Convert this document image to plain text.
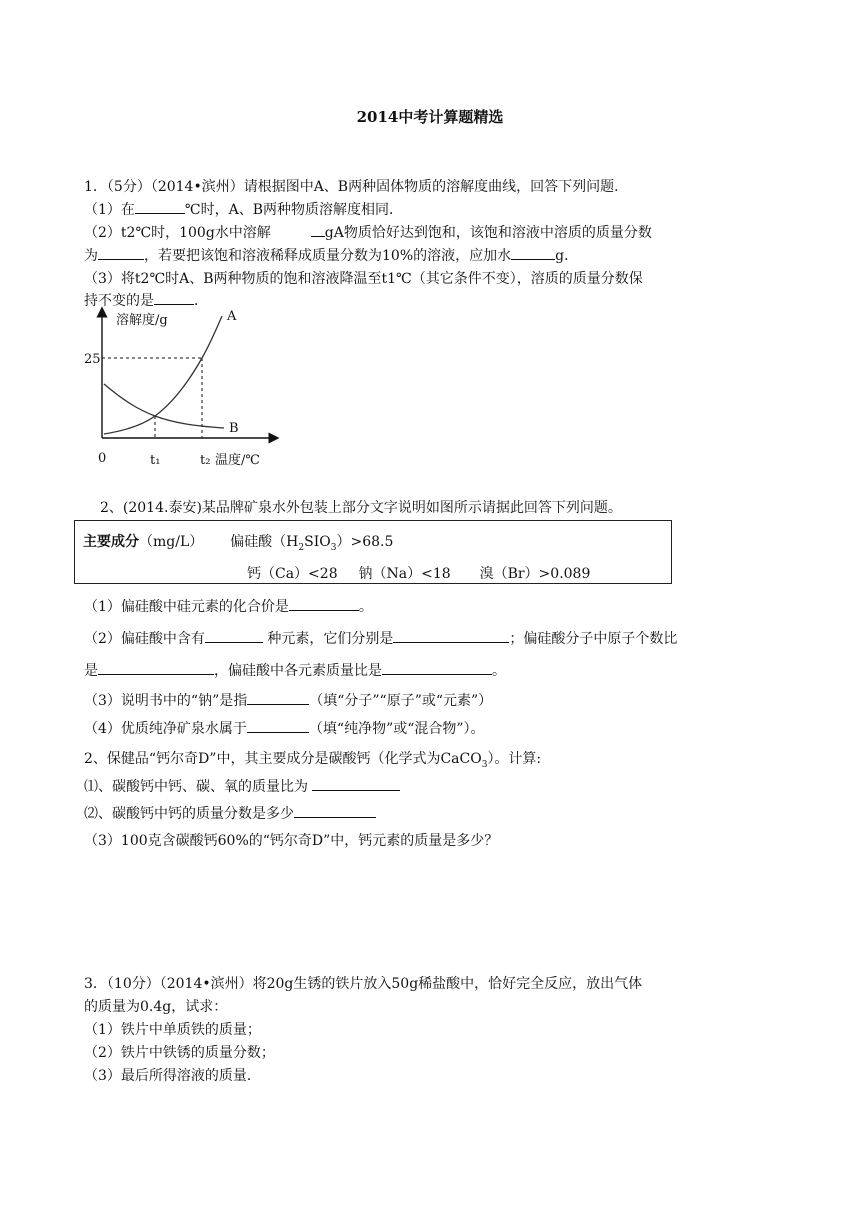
2014中考计算题精选
1．（5分）（2014•滨州）请根据图中A、B两种固体物质的溶解度曲线，回答下列问题．
（1）在	℃时，A、B两种物质溶解度相同．
（2）t2℃时，100g水中溶解	gA物质恰好达到饱和，该饱和溶液中溶质的质量分数
为	，若要把该饱和溶液稀释成质量分数为10%的溶液，应加水	g．
（3）将t2℃时A、B两种物质的饱和溶液降温至t1℃（其它条件不变），溶质的质量分数保
持不变的是	．
溶解度/g	A
B
25
0	t₁	t₂ 温度/℃
2、(2014.泰安)某品牌矿泉水外包装上部分文字说明如图所示请据此回答下列问题。
主要成分（mg/L） 偏硅酸$(H_2SIO_3)>68.5$
钙（Ca）<28 钠（Na）<18 溴（Br）>0.089
（1）偏硅酸中硅元素的化合价是	。
（2）偏硅酸中含有	种元素，它们分别是	；偏硅酸分子中原子个数比
是	，偏硅酸中各元素质量比是	。
（3）说明书中的“钠”是指	（填“分子”“原子”或“元素”）
（4）优质纯净矿泉水属于	（填“纯净物”或“混合物”）。
2、保健品“钙尔奇D”中，其主要成分是碳酸钙（化学式为CaCO$_3$）。计算:
⑴、碳酸钙中钙、碳、氧的质量比为
⑵、碳酸钙中钙的质量分数是多少
（3）100克含碳酸钙60%的“钙尔奇D”中，钙元素的质量是多少？
3．（10分）（2014•滨州）将20g生锈的铁片放入50g稀盐酸中，恰好完全反应，放出气体
的质量为0.4g，试求：
（1）铁片中单质铁的质量；
（2）铁片中铁锈的质量分数；
（3）最后所得溶液的质量．
